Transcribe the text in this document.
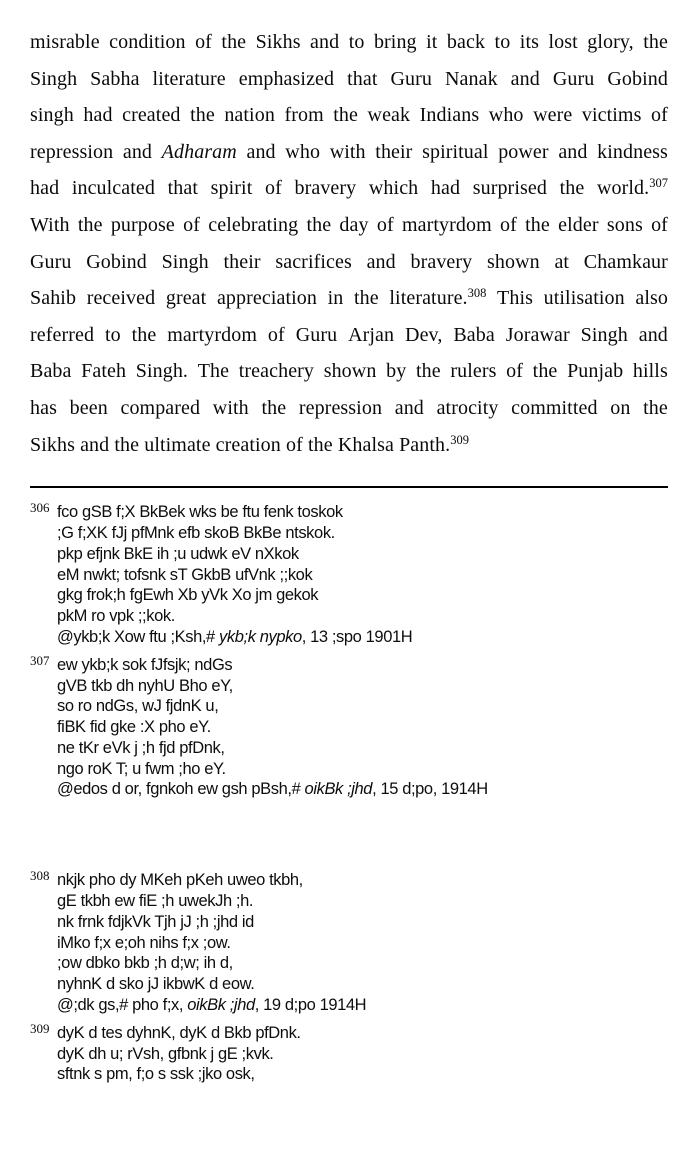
misrable condition of the Sikhs and to bring it back to its lost glory, the
Singh Sabha literature emphasized that Guru Nanak and Guru Gobind
singh had created the nation from the weak Indians who were victims of
repression and Adharam and who with their spiritual power and kindness
had inculcated that spirit of bravery which had surprised the world.$^{307}$
With the purpose of celebrating the day of martyrdom of the elder sons of
Guru Gobind Singh their sacrifices and bravery shown at Chamkaur
Sahib received great appreciation in the literature.$^{308}$ This utilisation also
referred to the martyrdom of Guru Arjan Dev, Baba Jorawar Singh and
Baba Fateh Singh. The treachery shown by the rulers of the Punjab hills
has been compared with the repression and atrocity committed on the
Sikhs and the ultimate creation of the Khalsa Panth.$^{309}$
306 fco gSB f;X BkBek wks be ftu fenk toskok
;G f;XK fJj pfMnk efb skoB BkBe ntskok.
pkp efjnk BkE ih ;u udwk eV nXkok
eM nwkt; tofsnk sT GkbB ufVnk ;;kok
gkg frok;h fgEwh Xb yVk Xo jm gekok
pkM ro vpk ;;kok.
@ykb;k Xow ftu ;Ksh,# ykb;k nypko, 13 ;spo 1901H
307 ew ykb;k sok fJfsjk; ndGs
gVB tkb dh nyhU Bho eY,
so ro ndGs, wJ fjdnK u,
fiBK fid gke :X pho eY.
ne tKr eVk j ;h fjd pfDnk,
ngo roK T; u fwm ;ho eY.
@edos d or, fgnkoh ew gsh pBsh,# oikBk ;jhd, 15 d;po, 1914H
308 nkjk pho dy MKeh pKeh uweo tkbh,
gE tkbh ew fiE ;h uwekJh ;h.
nk frnk fdjkVk Tjh jJ ;h ;jhd id
iMko f;x e;oh nihs f;x ;ow.
;ow dbko bkb ;h d;w; ih d,
nyhnK d sko jJ ikbwK d eow.
@;dk gs,# pho f;x, oikBk ;jhd, 19 d;po 1914H
309 dyK d tes dyhnK, dyK d Bkb pfDnk.
dyK dh u; rVsh, gfbnk j gE ;kvk.
sftnk s pm, f;o s ssk ;jko osk,
